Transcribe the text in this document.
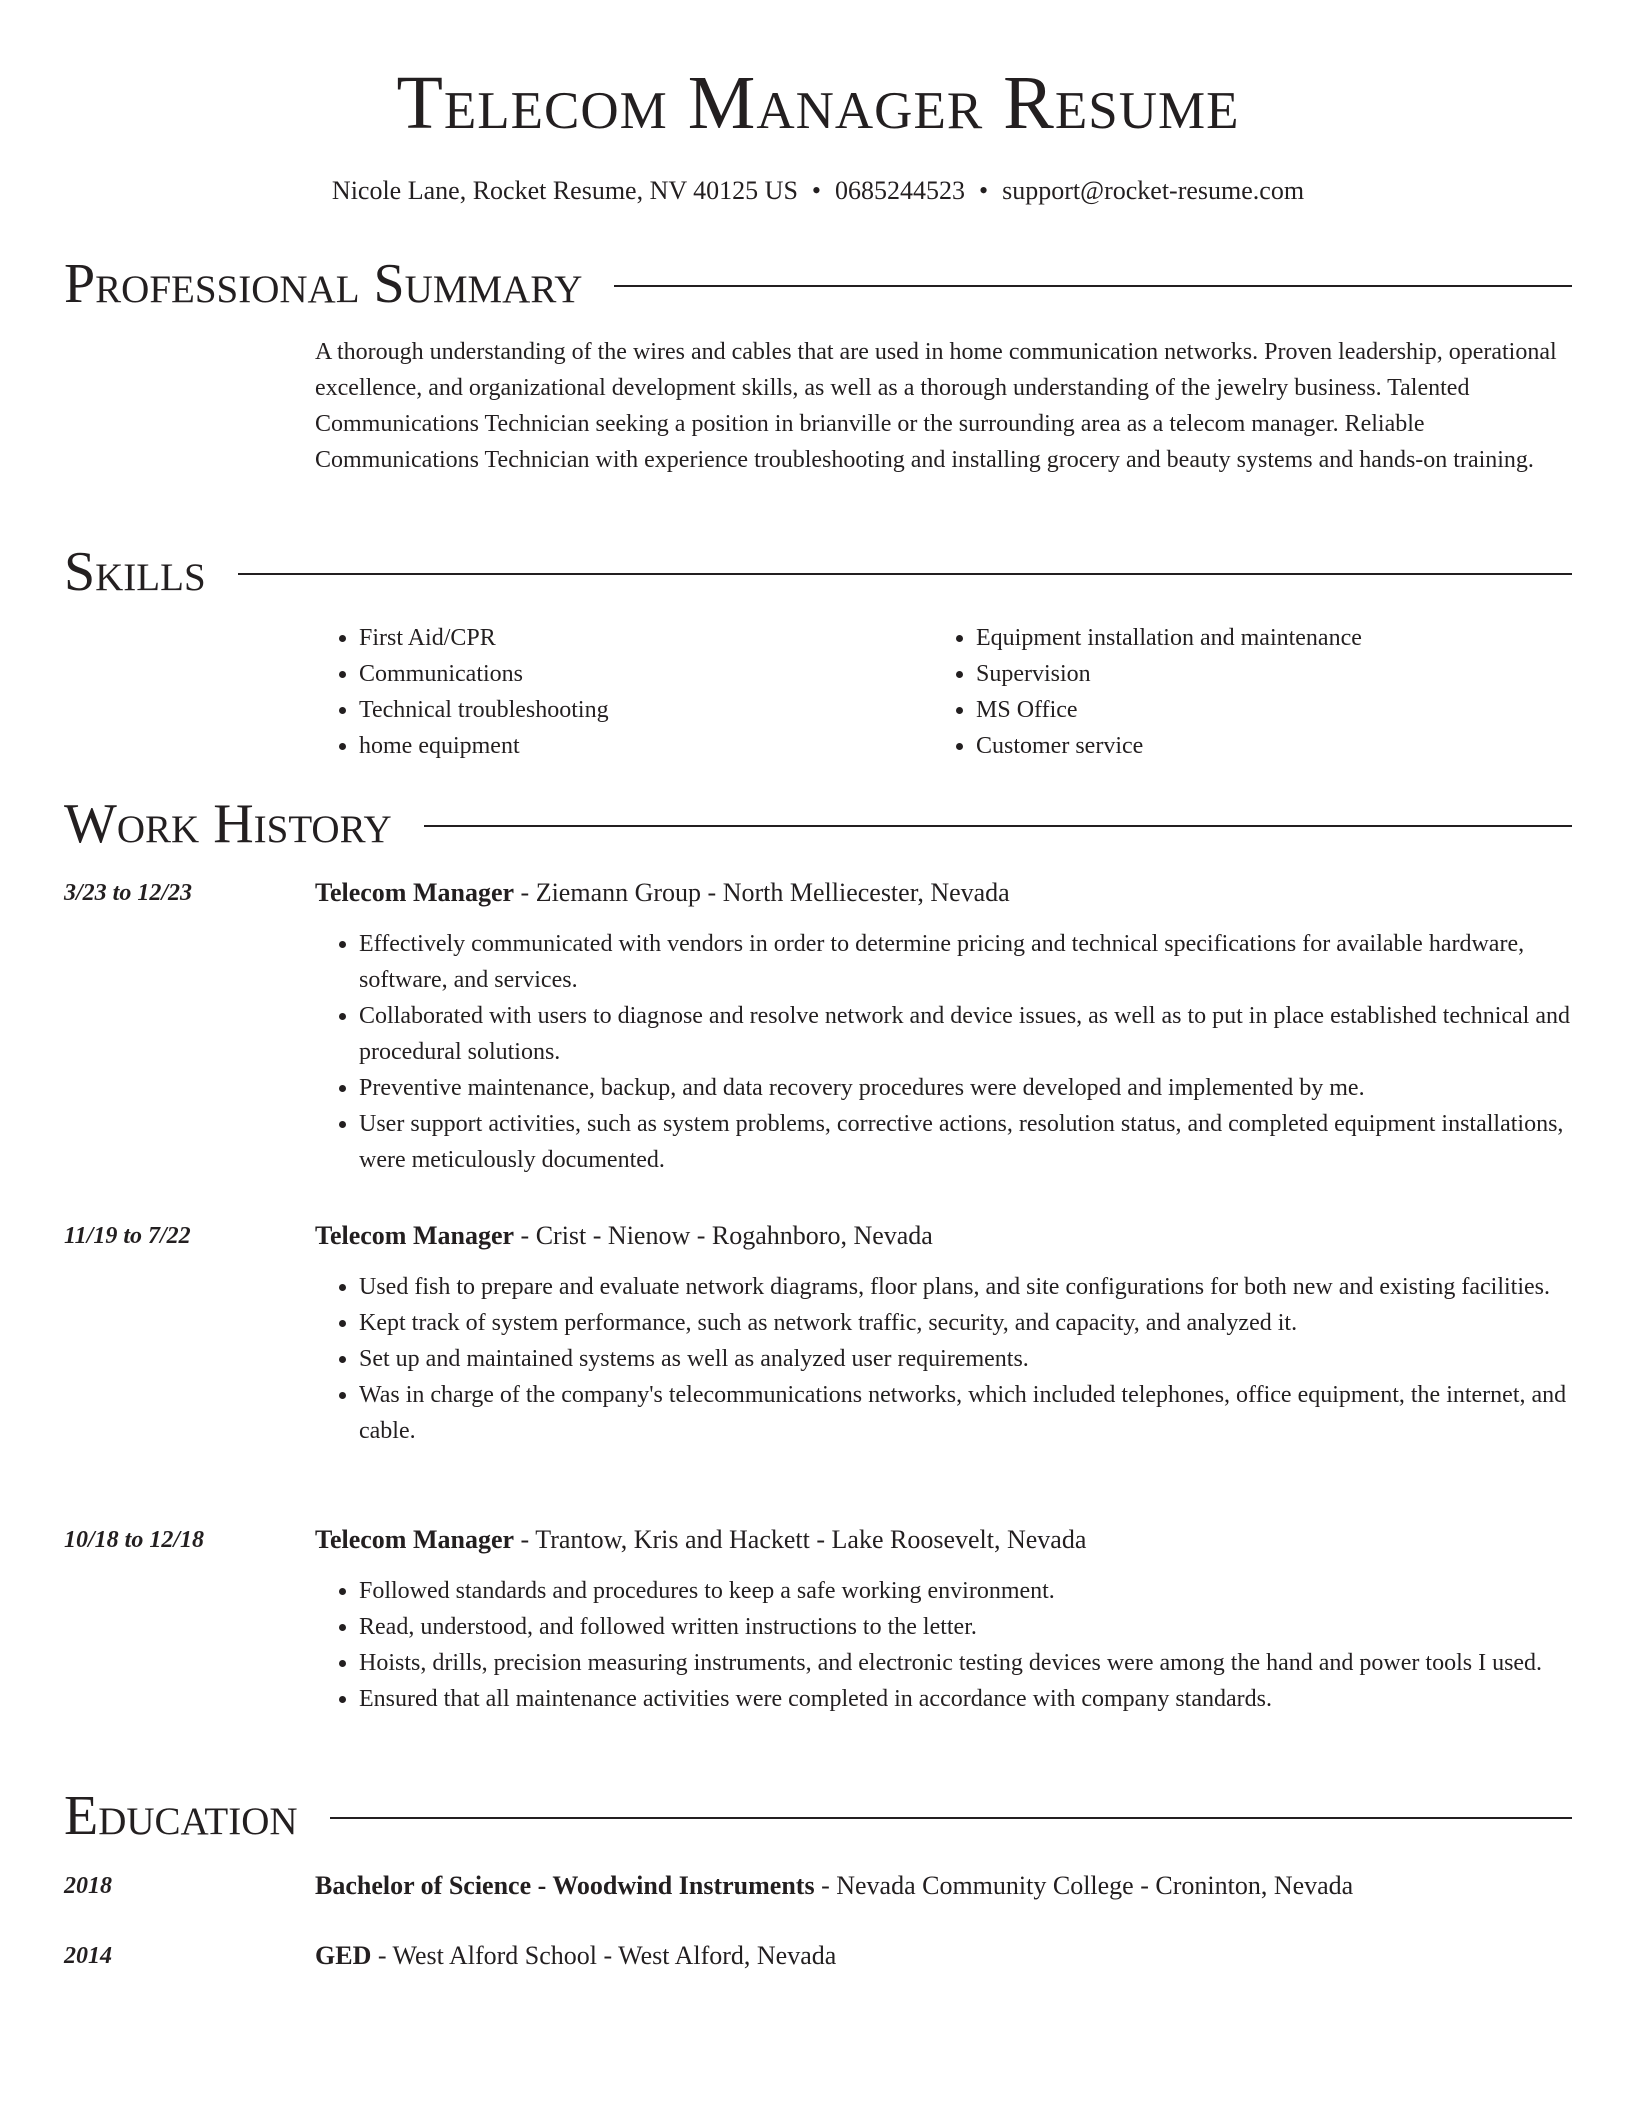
Telecom Manager Resume
Nicole Lane, Rocket Resume, NV 40125 US • 0685244523 • support@rocket-resume.com
Professional Summary
A thorough understanding of the wires and cables that are used in home communication networks. Proven leadership, operational excellence, and organizational development skills, as well as a thorough understanding of the jewelry business. Talented Communications Technician seeking a position in brianville or the surrounding area as a telecom manager. Reliable Communications Technician with experience troubleshooting and installing grocery and beauty systems and hands-on training.
Skills
• First Aid/CPR
• Communications
• Technical troubleshooting
• home equipment
• Equipment installation and maintenance
• Supervision
• MS Office
• Customer service
Work History
3/23 to 12/23	Telecom Manager - Ziemann Group - North Melliecester, Nevada
• Effectively communicated with vendors in order to determine pricing and technical specifications for available hardware, software, and services.
• Collaborated with users to diagnose and resolve network and device issues, as well as to put in place established technical and procedural solutions.
• Preventive maintenance, backup, and data recovery procedures were developed and implemented by me.
• User support activities, such as system problems, corrective actions, resolution status, and completed equipment installations, were meticulously documented.
11/19 to 7/22	Telecom Manager - Crist - Nienow - Rogahnboro, Nevada
• Used fish to prepare and evaluate network diagrams, floor plans, and site configurations for both new and existing facilities.
• Kept track of system performance, such as network traffic, security, and capacity, and analyzed it.
• Set up and maintained systems as well as analyzed user requirements.
• Was in charge of the company's telecommunications networks, which included telephones, office equipment, the internet, and cable.
10/18 to 12/18	Telecom Manager - Trantow, Kris and Hackett - Lake Roosevelt, Nevada
• Followed standards and procedures to keep a safe working environment.
• Read, understood, and followed written instructions to the letter.
• Hoists, drills, precision measuring instruments, and electronic testing devices were among the hand and power tools I used.
• Ensured that all maintenance activities were completed in accordance with company standards.
Education
2018	Bachelor of Science - Woodwind Instruments - Nevada Community College - Croninton, Nevada
2014	GED - West Alford School - West Alford, Nevada
